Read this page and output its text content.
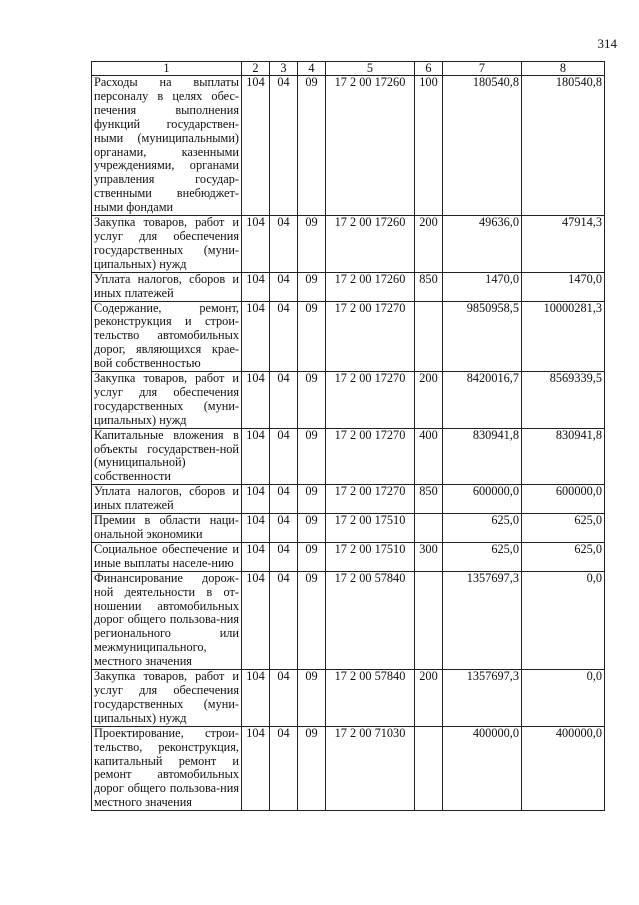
314
1	2	3	4	5	6	7	8
Расходы на выплаты персоналу в целях обес-печения выполнения функций государствен-ными (муниципальными) органами, казенными учреждениями, органами управления государ-ственными внебюджет-ными фондами	104	04	09	17 2 00 17260	100	180540,8	180540,8
Закупка товаров, работ и услуг для обеспечения государственных (муни-ципальных) нужд	104	04	09	17 2 00 17260	200	49636,0	47914,3
Уплата налогов, сборов и иных платежей	104	04	09	17 2 00 17260	850	1470,0	1470,0
Содержание, ремонт, реконструкция и строи-тельство автомобильных дорог, являющихся крае-вой собственностью	104	04	09	17 2 00 17270		9850958,5	10000281,3
Закупка товаров, работ и услуг для обеспечения государственных (муни-ципальных) нужд	104	04	09	17 2 00 17270	200	8420016,7	8569339,5
Капитальные вложения в объекты государствен-ной (муниципальной) собственности	104	04	09	17 2 00 17270	400	830941,8	830941,8
Уплата налогов, сборов и иных платежей	104	04	09	17 2 00 17270	850	600000,0	600000,0
Премии в области наци-ональной экономики	104	04	09	17 2 00 17510		625,0	625,0
Социальное обеспечение и иные выплаты населе-нию	104	04	09	17 2 00 17510	300	625,0	625,0
Финансирование дорож-ной деятельности в от-ношении автомобильных дорог общего пользова-ния регионального или межмуниципального, местного значения	104	04	09	17 2 00 57840		1357697,3	0,0
Закупка товаров, работ и услуг для обеспечения государственных (муни-ципальных) нужд	104	04	09	17 2 00 57840	200	1357697,3	0,0
Проектирование, строи-тельство, реконструкция, капитальный ремонт и ремонт автомобильных дорог общего пользова-ния местного значения	104	04	09	17 2 00 71030		400000,0	400000,0
